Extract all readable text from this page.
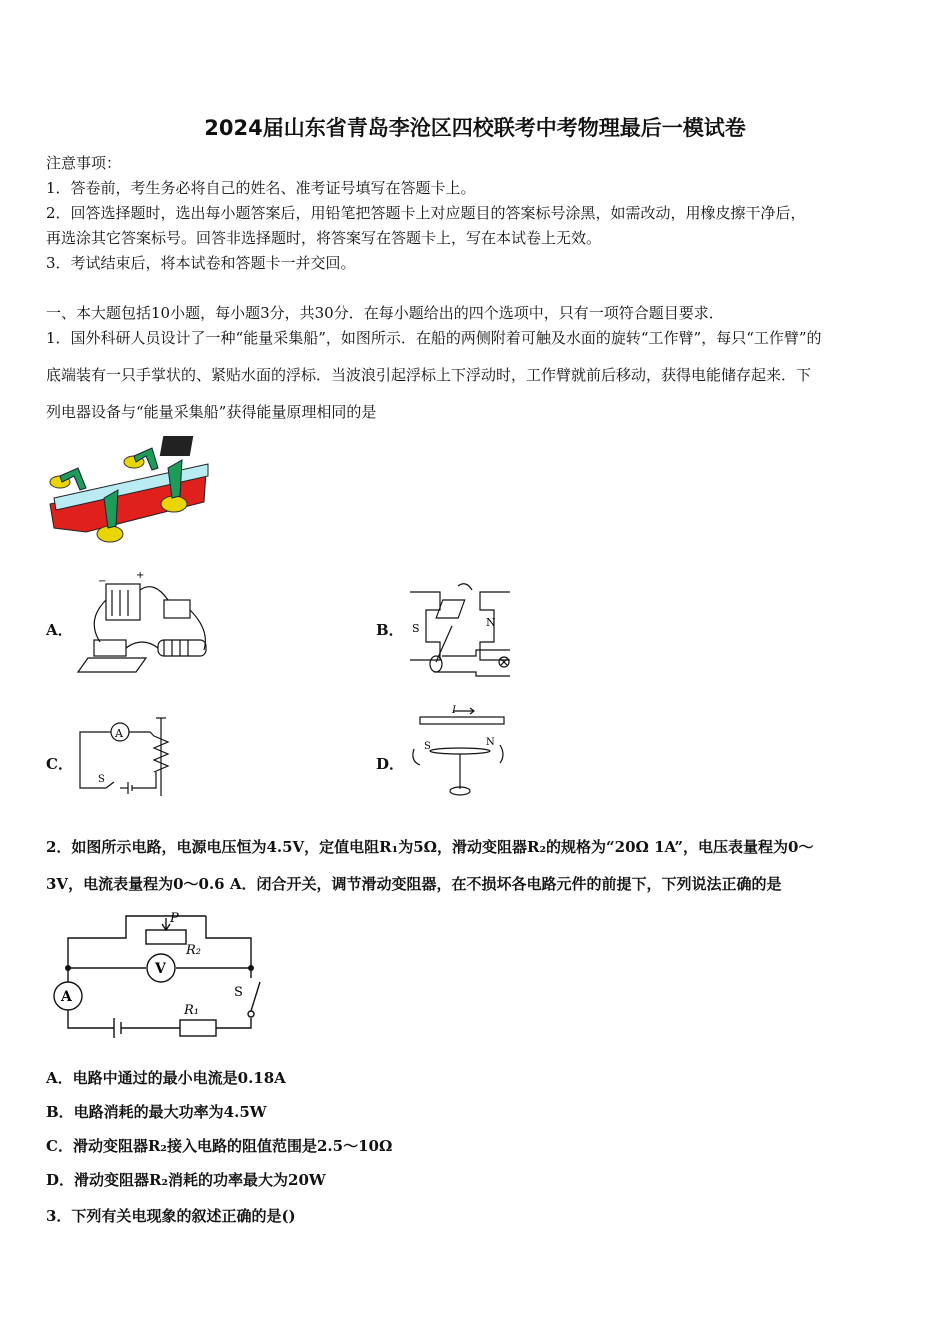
2024届山东省青岛李沧区四校联考中考物理最后一模试卷
注意事项：
1．答卷前，考生务必将自己的姓名、准考证号填写在答题卡上。
2．回答选择题时，选出每小题答案后，用铅笔把答题卡上对应题目的答案标号涂黑，如需改动，用橡皮擦干净后，
再选涂其它答案标号。回答非选择题时，将答案写在答题卡上，写在本试卷上无效。
3．考试结束后，将本试卷和答题卡一并交回。
一、本大题包括10小题，每小题3分，共30分．在每小题给出的四个选项中，只有一项符合题目要求．
1．国外科研人员设计了一种“能量采集船”，如图所示．在船的两侧附着可触及水面的旋转“工作臂”，每只“工作臂”的
底端装有一只手掌状的、紧贴水面的浮标．当波浪引起浮标上下浮动时，工作臂就前后移动，获得电能储存起来．下
列电器设备与“能量采集船”获得能量原理相同的是
A．
+
−
B． S	N
C．
A
S
D．
I
S	N
2．如图所示电路，电源电压恒为4.5V，定值电阻R₁为5Ω，滑动变阻器R₂的规格为“20Ω 1A”，电压表量程为0～
3V，电流表量程为0～0.6 A．闭合开关，调节滑动变阻器，在不损坏各电路元件的前提下，下列说法正确的是
P
R₂
V
A	S
R₁
A．电路中通过的最小电流是0.18A
B．电路消耗的最大功率为4.5W
C．滑动变阻器R₂接入电路的阻值范围是2.5～10Ω
D．滑动变阻器R₂消耗的功率最大为20W
3．下列有关电现象的叙述正确的是()
